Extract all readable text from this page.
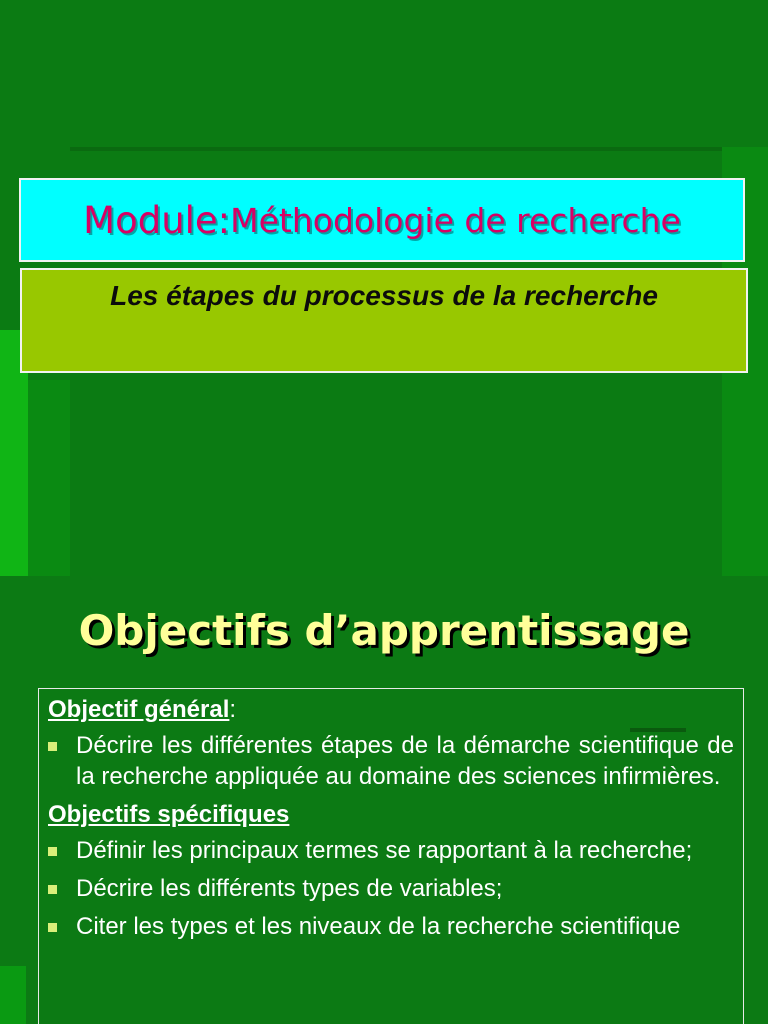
Module: Méthodologie de recherche
Les étapes du processus de la recherche
Objectifs d’apprentissage
Objectif général:
Décrire les différentes étapes de la démarche scientifique de la recherche appliquée au domaine des sciences infirmières.
Objectifs spécifiques
Définir les principaux termes se rapportant à la recherche;
Décrire les différents types de variables;
Citer les types et les niveaux de la recherche scientifique
